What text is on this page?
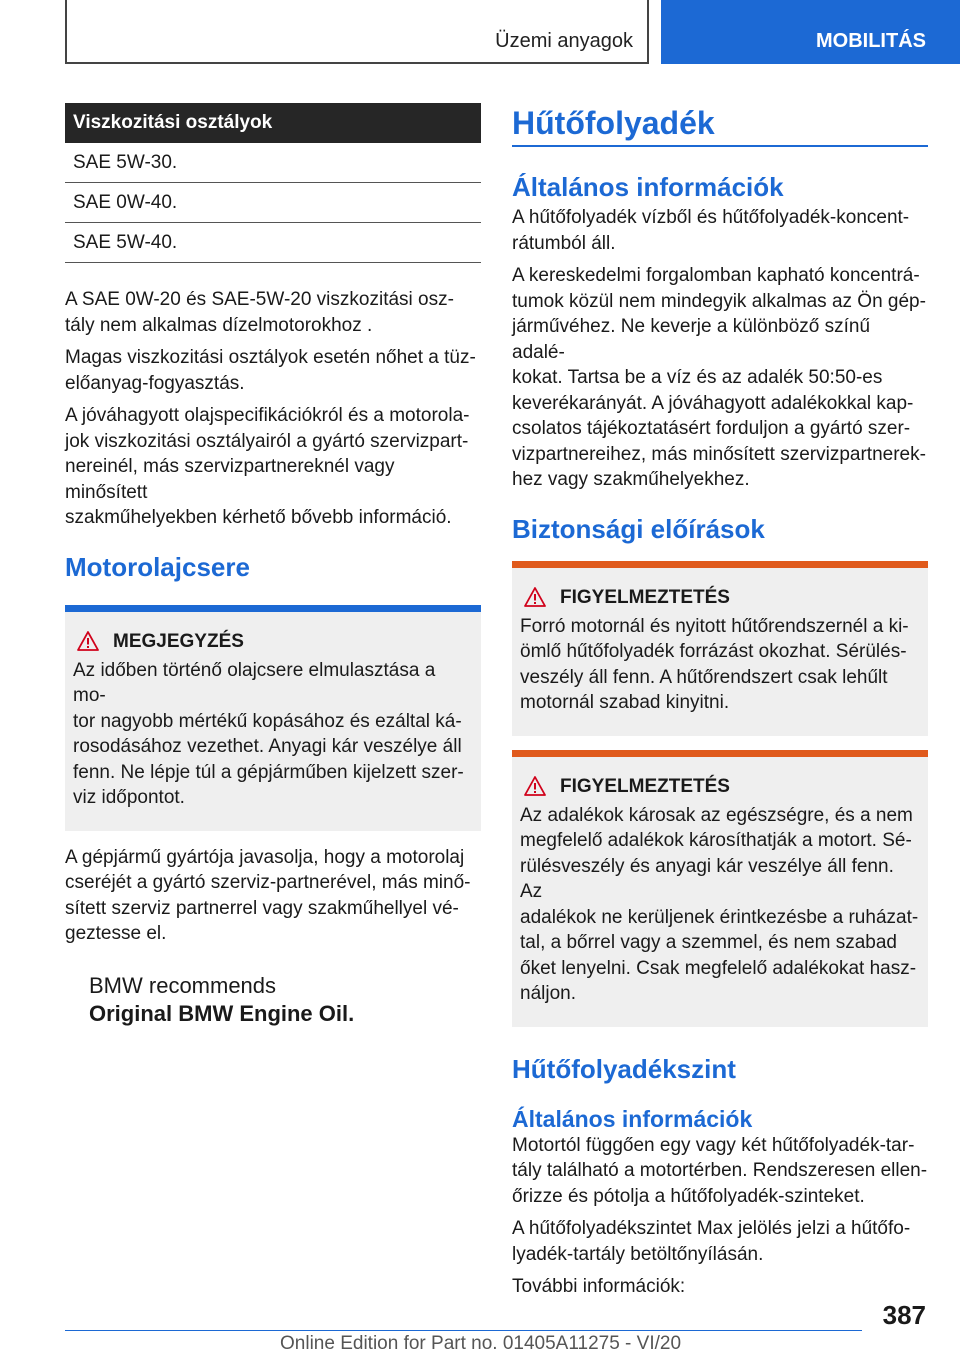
Üzemi anyagok	MOBILITÁS
Viszkozitási osztályok
SAE 5W-30.
SAE 0W-40.
SAE 5W-40.

A SAE 0W-20 és SAE-5W-20 viszkozitási osz-

tály nem alkalmas dízelmotorokhoz .

Magas viszkozitási osztályok esetén nőhet a tüz-

előanyag-fogyasztás.

A jóváhagyott olajspecifikációkról és a motorola-

jok viszkozitási osztályairól a gyártó szervizpart-

nereinél, más szervizpartnereknél vagy minősített

szakműhelyekben kérhető bővebb információ.

Motorolajcsere
MEGJEGYZÉS

Az időben történő olajcsere elmulasztása a mo-

tor nagyobb mértékű kopásához és ezáltal ká-

rosodásához vezethet. Anyagi kár veszélye áll

fenn. Ne lépje túl a gépjárműben kijelzett szer-

viz időpontot.

A gépjármű gyártója javasolja, hogy a motorolaj

cseréjét a gyártó szerviz-partnerével, más minő-

sített szerviz partnerrel vagy szakműhellyel vé-

geztesse el.

BMW recommends
Original BMW Engine Oil.
Hűtőfolyadék
Általános információk

A hűtőfolyadék vízből és hűtőfolyadék-koncent-

rátumból áll.

A kereskedelmi forgalomban kapható koncentrá-

tumok közül nem mindegyik alkalmas az Ön gép-

járművéhez. Ne keverje a különböző színű adalé-

kokat. Tartsa be a víz és az adalék 50:50-es

keverékarányát. A jóváhagyott adalékokkal kap-

csolatos tájékoztatásért forduljon a gyártó szer-

vizpartnereihez, más minősített szervizpartnerek-

hez vagy szakműhelyekhez.

Biztonsági előírások
FIGYELMEZTETÉS

Forró motornál és nyitott hűtőrendszernél a ki-

ömlő hűtőfolyadék forrázást okozhat. Sérülés-

veszély áll fenn. A hűtőrendszert csak lehűlt

motornál szabad kinyitni.

FIGYELMEZTETÉS

Az adalékok károsak az egészségre, és a nem

megfelelő adalékok károsíthatják a motort. Sé-

rülésveszély és anyagi kár veszélye áll fenn. Az

adalékok ne kerüljenek érintkezésbe a ruházat-

tal, a bőrrel vagy a szemmel, és nem szabad

őket lenyelni. Csak megfelelő adalékokat hasz-

náljon.

Hűtőfolyadékszint
Általános információk

Motortól függően egy vagy két hűtőfolyadék-tar-

tály található a motortérben. Rendszeresen ellen-

őrizze és pótolja a hűtőfolyadék-szinteket.

A hűtőfolyadékszintet Max jelölés jelzi a hűtőfo-

lyadék-tartály betöltőnyílásán.

További információk:

387
Online Edition for Part no. 01405A11275 - VI/20
